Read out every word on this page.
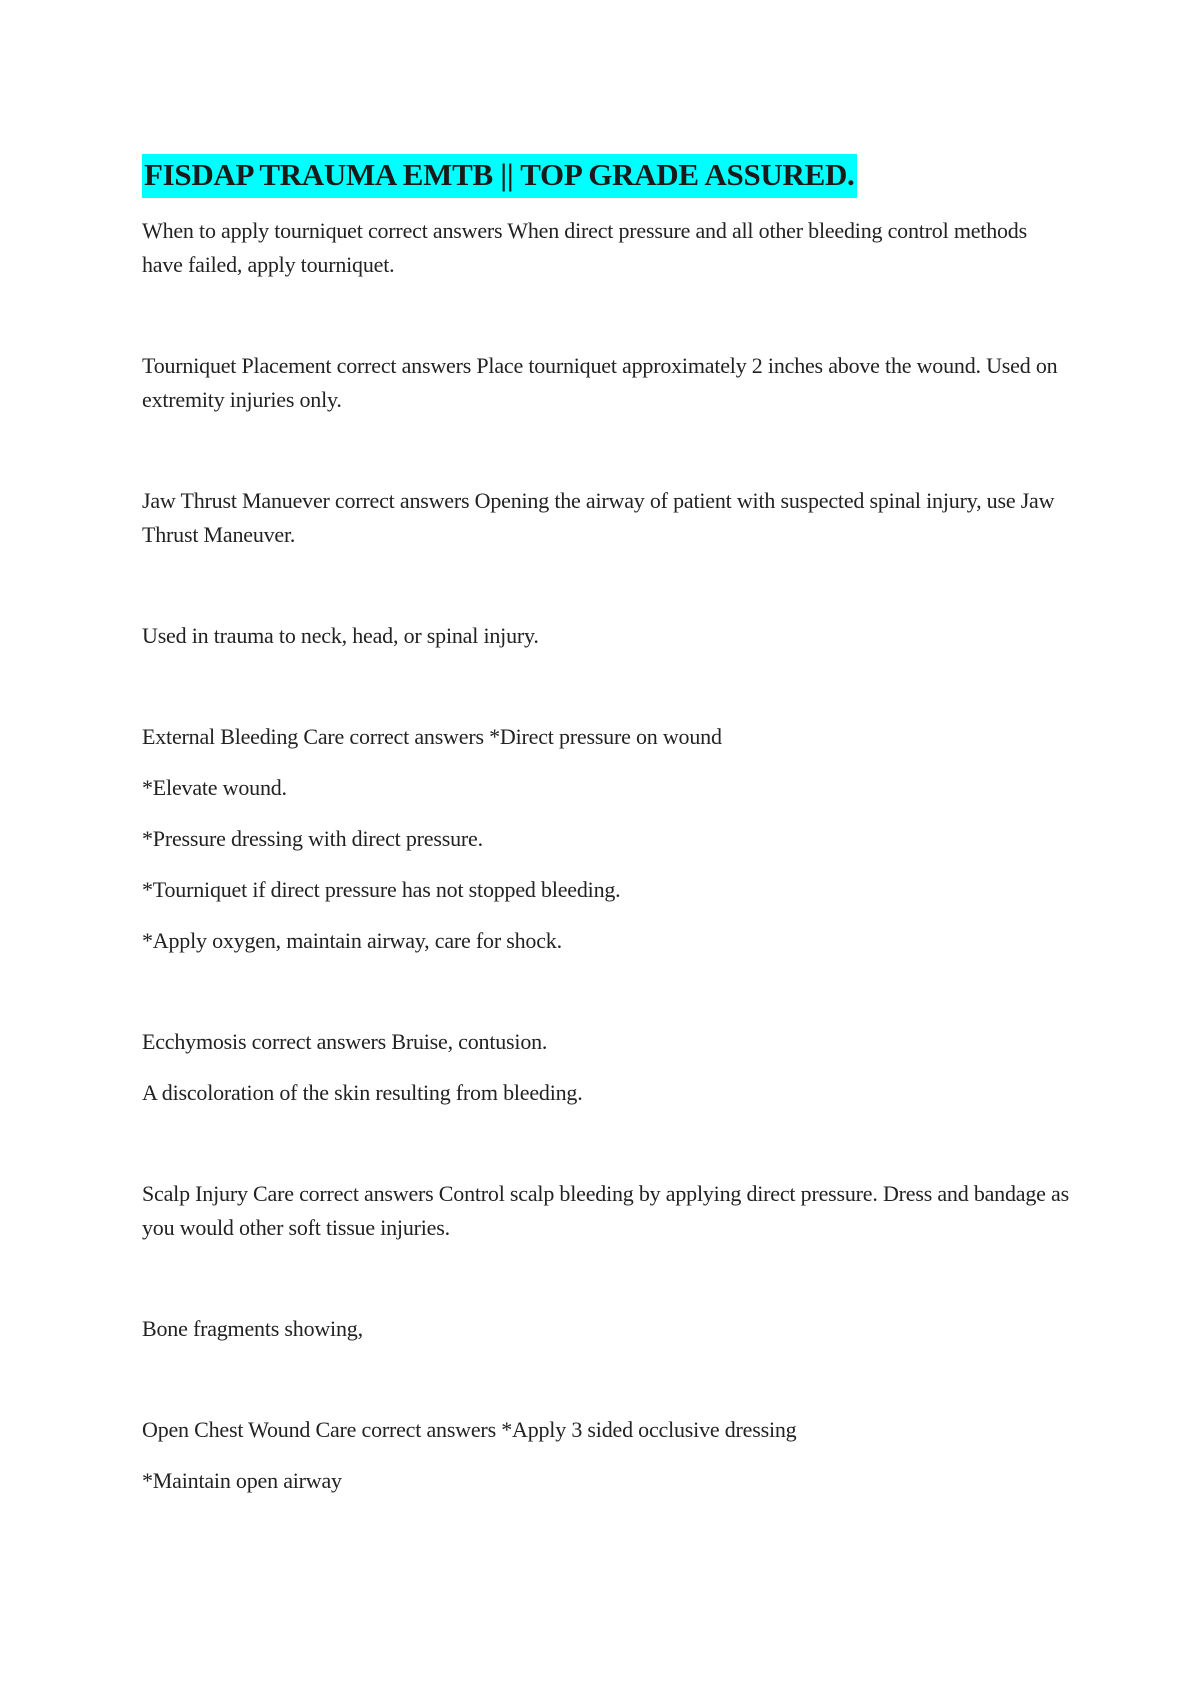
FISDAP TRAUMA EMTB || TOP GRADE ASSURED.

When to apply tourniquet correct answers When direct pressure and all other bleeding control methods have failed, apply tourniquet.

Tourniquet Placement correct answers Place tourniquet approximately 2 inches above the wound. Used on extremity injuries only.

Jaw Thrust Manuever correct answers Opening the airway of patient with suspected spinal injury, use Jaw Thrust Maneuver.

Used in trauma to neck, head, or spinal injury.

External Bleeding Care correct answers *Direct pressure on wound

*Elevate wound.

*Pressure dressing with direct pressure.

*Tourniquet if direct pressure has not stopped bleeding.

*Apply oxygen, maintain airway, care for shock.

Ecchymosis correct answers Bruise, contusion.

A discoloration of the skin resulting from bleeding.

Scalp Injury Care correct answers Control scalp bleeding by applying direct pressure. Dress and bandage as you would other soft tissue injuries.

Bone fragments showing,

Open Chest Wound Care correct answers *Apply 3 sided occlusive dressing

*Maintain open airway
